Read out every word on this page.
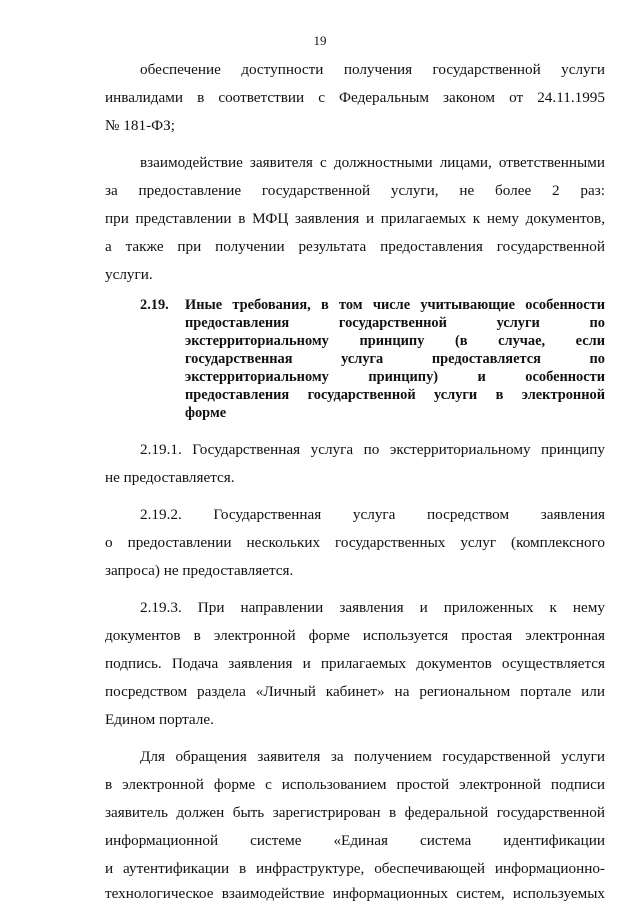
19
обеспечение доступности получения государственной услуги
инвалидами в соответствии с Федеральным законом от 24.11.1995
№ 181-ФЗ;
взаимодействие заявителя с должностными лицами, ответственными
за предоставление государственной услуги, не более 2 раз:
при представлении в МФЦ заявления и прилагаемых к нему документов,
а также при получении результата предоставления государственной
услуги.
2.19. Иные требования, в том числе учитывающие особенности
предоставления государственной услуги по
экстерриториальному принципу (в случае, если
государственная услуга предоставляется по
экстерриториальному принципу) и особенности
предоставления государственной услуги в электронной
форме
2.19.1. Государственная услуга по экстерриториальному принципу
не предоставляется.
2.19.2. Государственная услуга посредством заявления
о предоставлении нескольких государственных услуг (комплексного
запроса) не предоставляется.
2.19.3. При направлении заявления и приложенных к нему
документов в электронной форме используется простая электронная
подпись. Подача заявления и прилагаемых документов осуществляется
посредством раздела «Личный кабинет» на региональном портале или
Едином портале.
Для обращения заявителя за получением государственной услуги
в электронной форме с использованием простой электронной подписи
заявитель должен быть зарегистрирован в федеральной государственной
информационной системе «Единая система идентификации
и аутентификации в инфраструктуре, обеспечивающей информационно-
технологическое взаимодействие информационных систем, используемых
